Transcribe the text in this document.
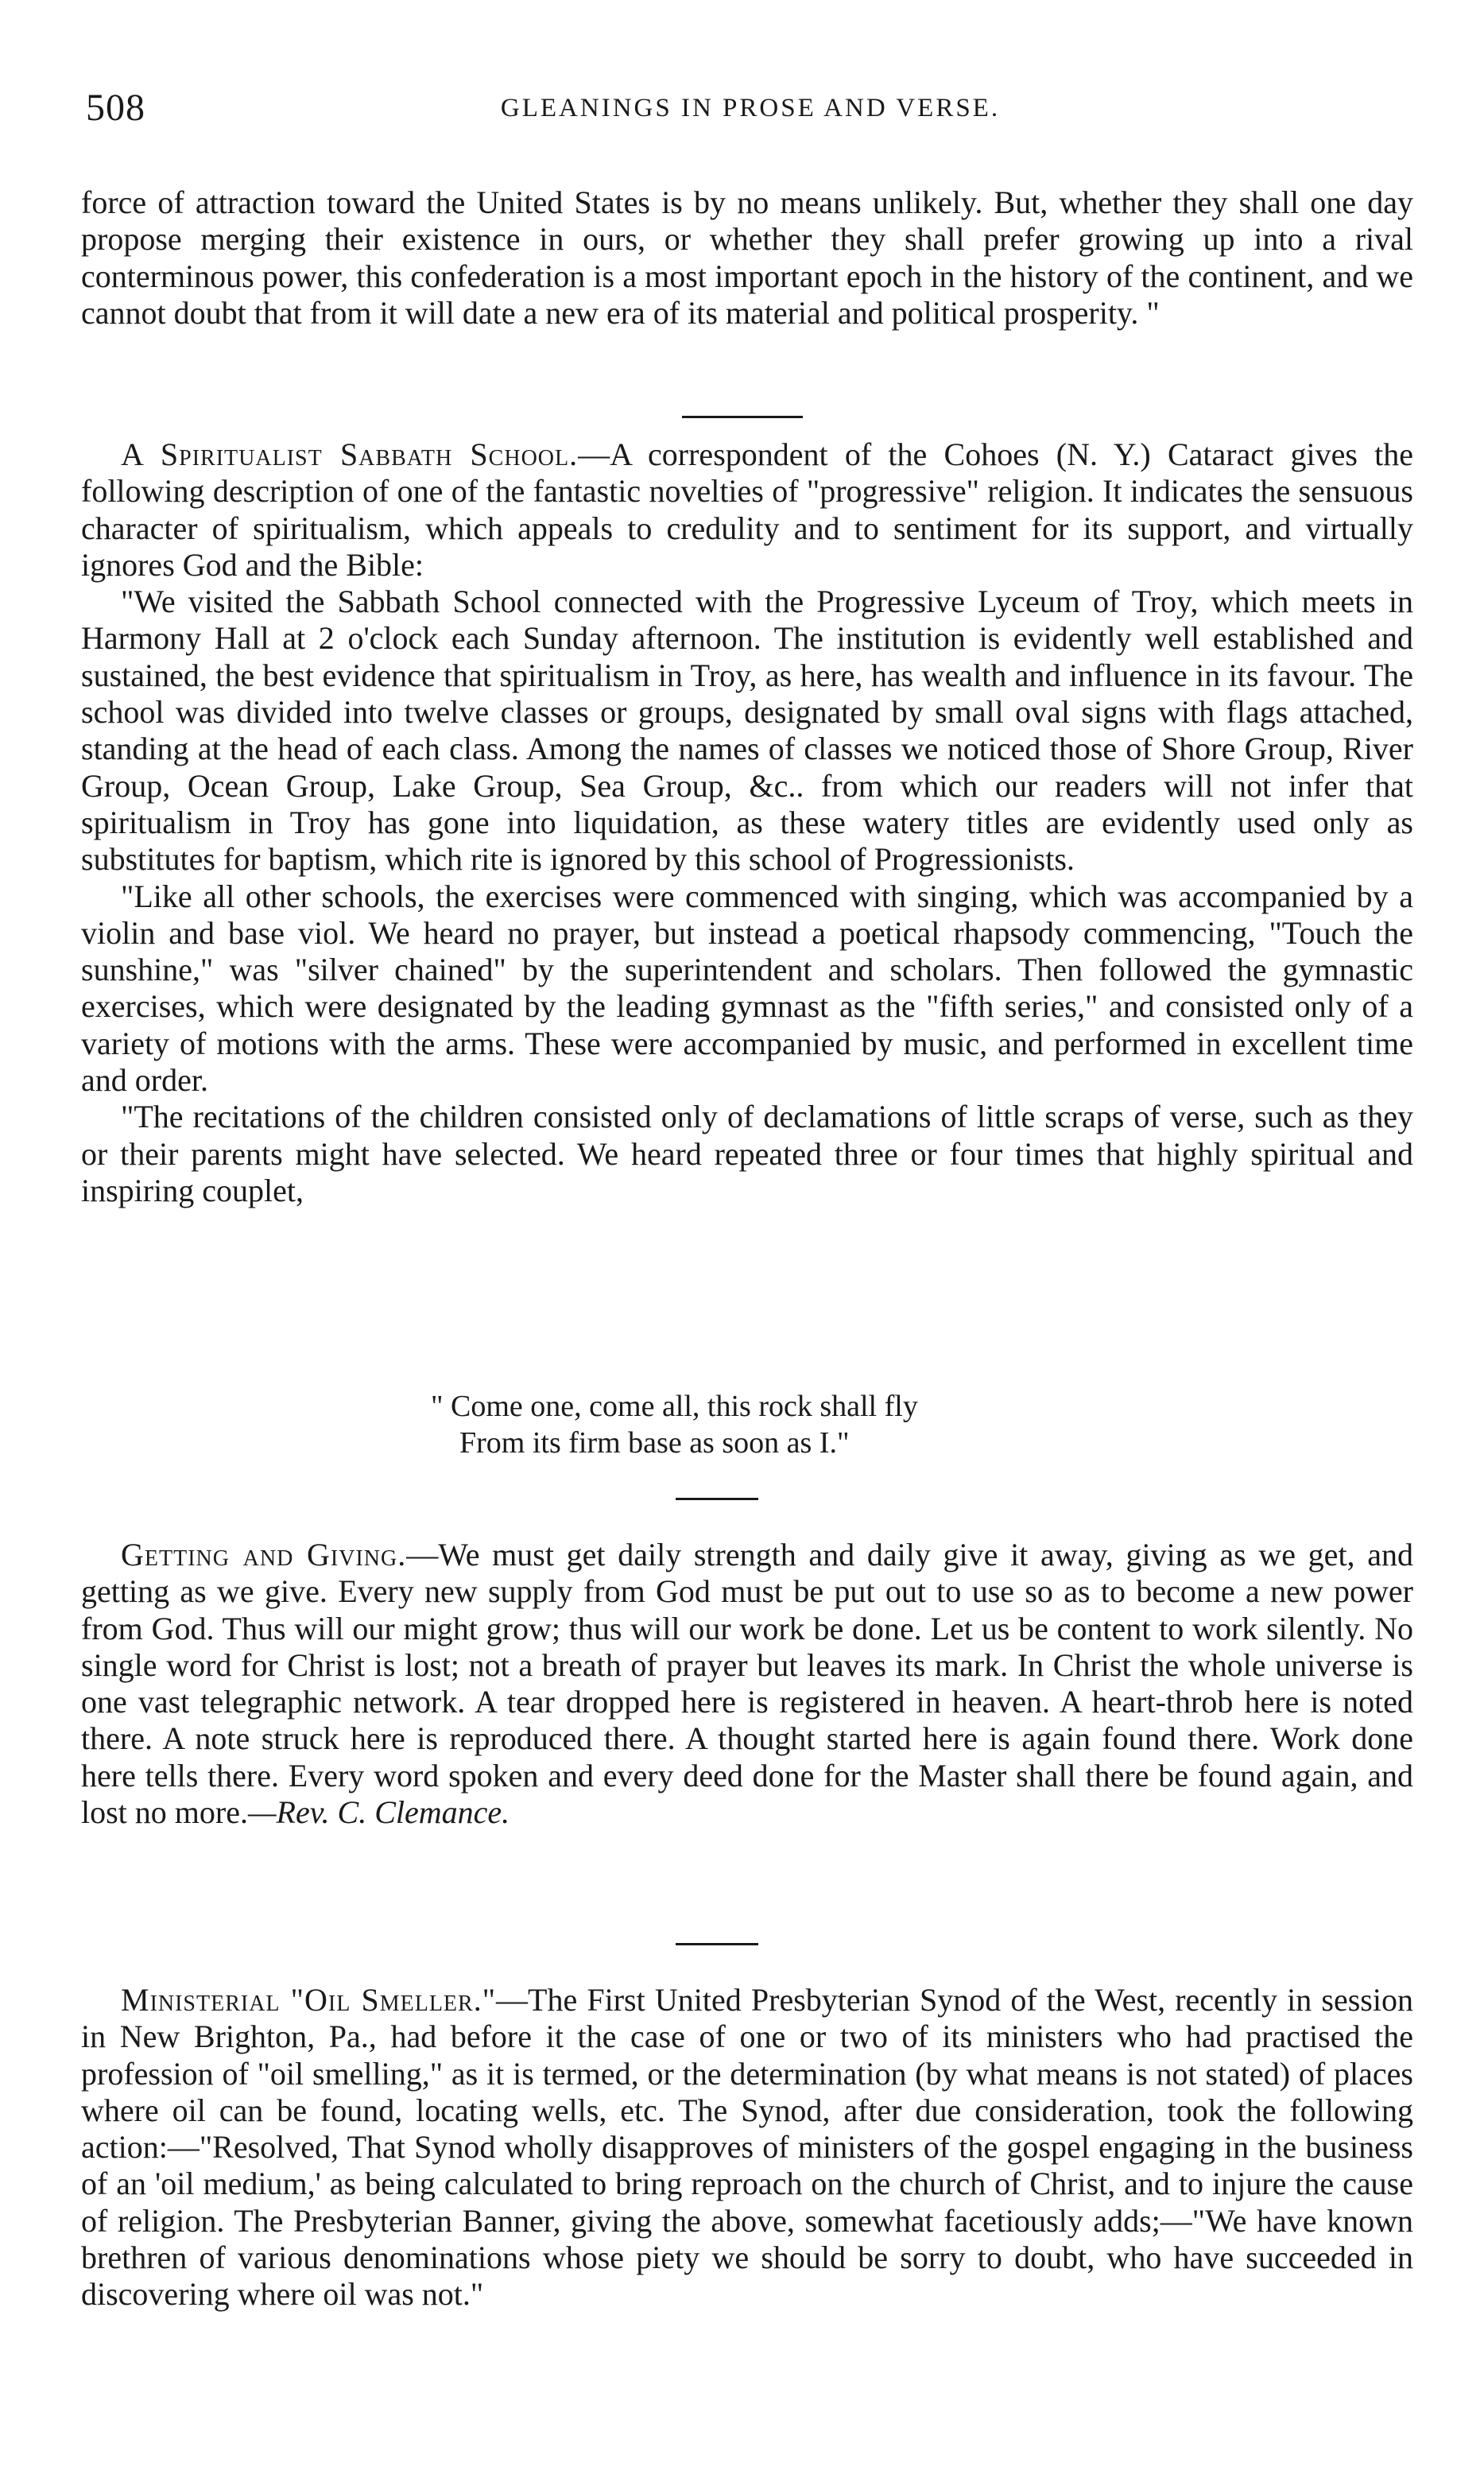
508	GLEANINGS IN PROSE AND VERSE.

force of attraction toward the United States is by no means unlikely. But, whether they shall one day propose merging their existence in ours, or whether they shall prefer growing up into a rival conterminous power, this confederation is a most important epoch in the history of the continent, and we cannot doubt that from it will date a new era of its material and political prosperity. "

A Spiritualist Sabbath School.—A correspondent of the Cohoes (N. Y.) Cataract gives the following description of one of the fantastic novelties of "progressive" religion. It indicates the sensuous character of spiritualism, which appeals to credulity and to sentiment for its support, and virtually ignores God and the Bible:

"We visited the Sabbath School connected with the Progressive Lyceum of Troy, which meets in Harmony Hall at 2 o'clock each Sunday afternoon. The institution is evidently well established and sustained, the best evidence that spiritualism in Troy, as here, has wealth and influence in its favour. The school was divided into twelve classes or groups, designated by small oval signs with flags attached, standing at the head of each class. Among the names of classes we noticed those of Shore Group, River Group, Ocean Group, Lake Group, Sea Group, &c.. from which our readers will not infer that spiritualism in Troy has gone into liquidation, as these watery titles are evidently used only as substitutes for baptism, which rite is ignored by this school of Progressionists.

"Like all other schools, the exercises were commenced with singing, which was accompanied by a violin and base viol. We heard no prayer, but instead a poetical rhapsody commencing, "Touch the sunshine," was "silver chained" by the superintendent and scholars. Then followed the gymnastic exercises, which were designated by the leading gymnast as the "fifth series," and consisted only of a variety of motions with the arms. These were accompanied by music, and performed in excellent time and order.

"The recitations of the children consisted only of declamations of little scraps of verse, such as they or their parents might have selected. We heard repeated three or four times that highly spiritual and inspiring couplet,

" Come one, come all, this rock shall fly
From its firm base as soon as I."

Getting and Giving.—We must get daily strength and daily give it away, giving as we get, and getting as we give. Every new supply from God must be put out to use so as to become a new power from God. Thus will our might grow; thus will our work be done. Let us be content to work silently. No single word for Christ is lost; not a breath of prayer but leaves its mark. In Christ the whole universe is one vast telegraphic network. A tear dropped here is registered in heaven. A heart-throb here is noted there. A note struck here is reproduced there. A thought started here is again found there. Work done here tells there. Every word spoken and every deed done for the Master shall there be found again, and lost no more.—Rev. C. Clemance.

Ministerial "Oil Smeller."—The First United Presbyterian Synod of the West, recently in session in New Brighton, Pa., had before it the case of one or two of its ministers who had practised the profession of "oil smelling," as it is termed, or the determination (by what means is not stated) of places where oil can be found, locating wells, etc. The Synod, after due consideration, took the following action:—"Resolved, That Synod wholly disapproves of ministers of the gospel engaging in the business of an 'oil medium,' as being calculated to bring reproach on the church of Christ, and to injure the cause of religion. The Presbyterian Banner, giving the above, somewhat facetiously adds;—"We have known brethren of various denominations whose piety we should be sorry to doubt, who have succeeded in discovering where oil was not."
